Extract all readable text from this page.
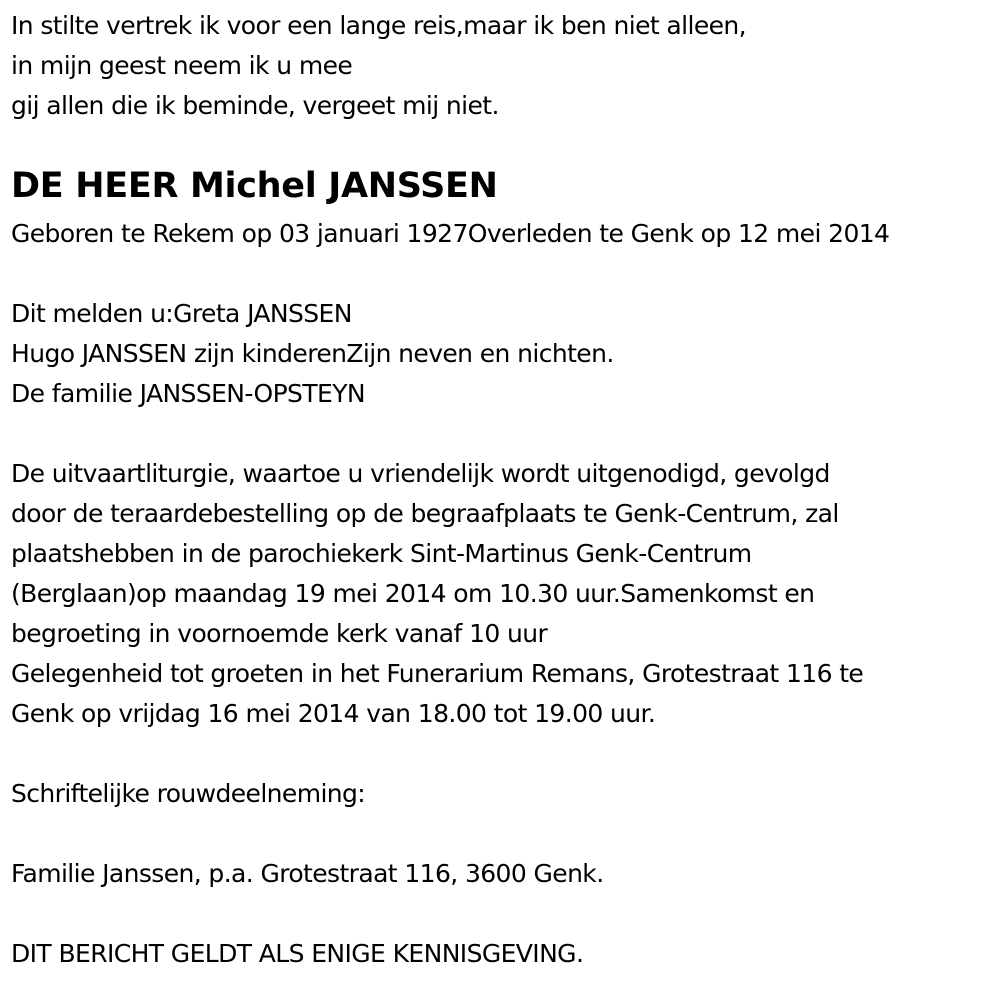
In stilte vertrek ik voor een lange reis,maar ik ben niet alleen,
in mijn geest neem ik u mee
gij allen die ik beminde, vergeet mij niet.
DE HEER Michel JANSSEN
Geboren te Rekem op 03 januari 1927Overleden te Genk op 12 mei 2014
Dit melden u:Greta JANSSEN
Hugo JANSSEN zijn kinderenZijn neven en nichten.
De familie JANSSEN-OPSTEYN
De uitvaartliturgie, waartoe u vriendelijk wordt uitgenodigd, gevolgd
door de teraardebestelling op de begraafplaats te Genk-Centrum, zal
plaatshebben in de parochiekerk Sint-Martinus Genk-Centrum
(Berglaan)op maandag 19 mei 2014 om 10.30 uur.Samenkomst en
begroeting in voornoemde kerk vanaf 10 uur
Gelegenheid tot groeten in het Funerarium Remans, Grotestraat 116 te
Genk op vrijdag 16 mei 2014 van 18.00 tot 19.00 uur.
Schriftelijke rouwdeelneming:
Familie Janssen, p.a. Grotestraat 116, 3600 Genk.
DIT BERICHT GELDT ALS ENIGE KENNISGEVING.
